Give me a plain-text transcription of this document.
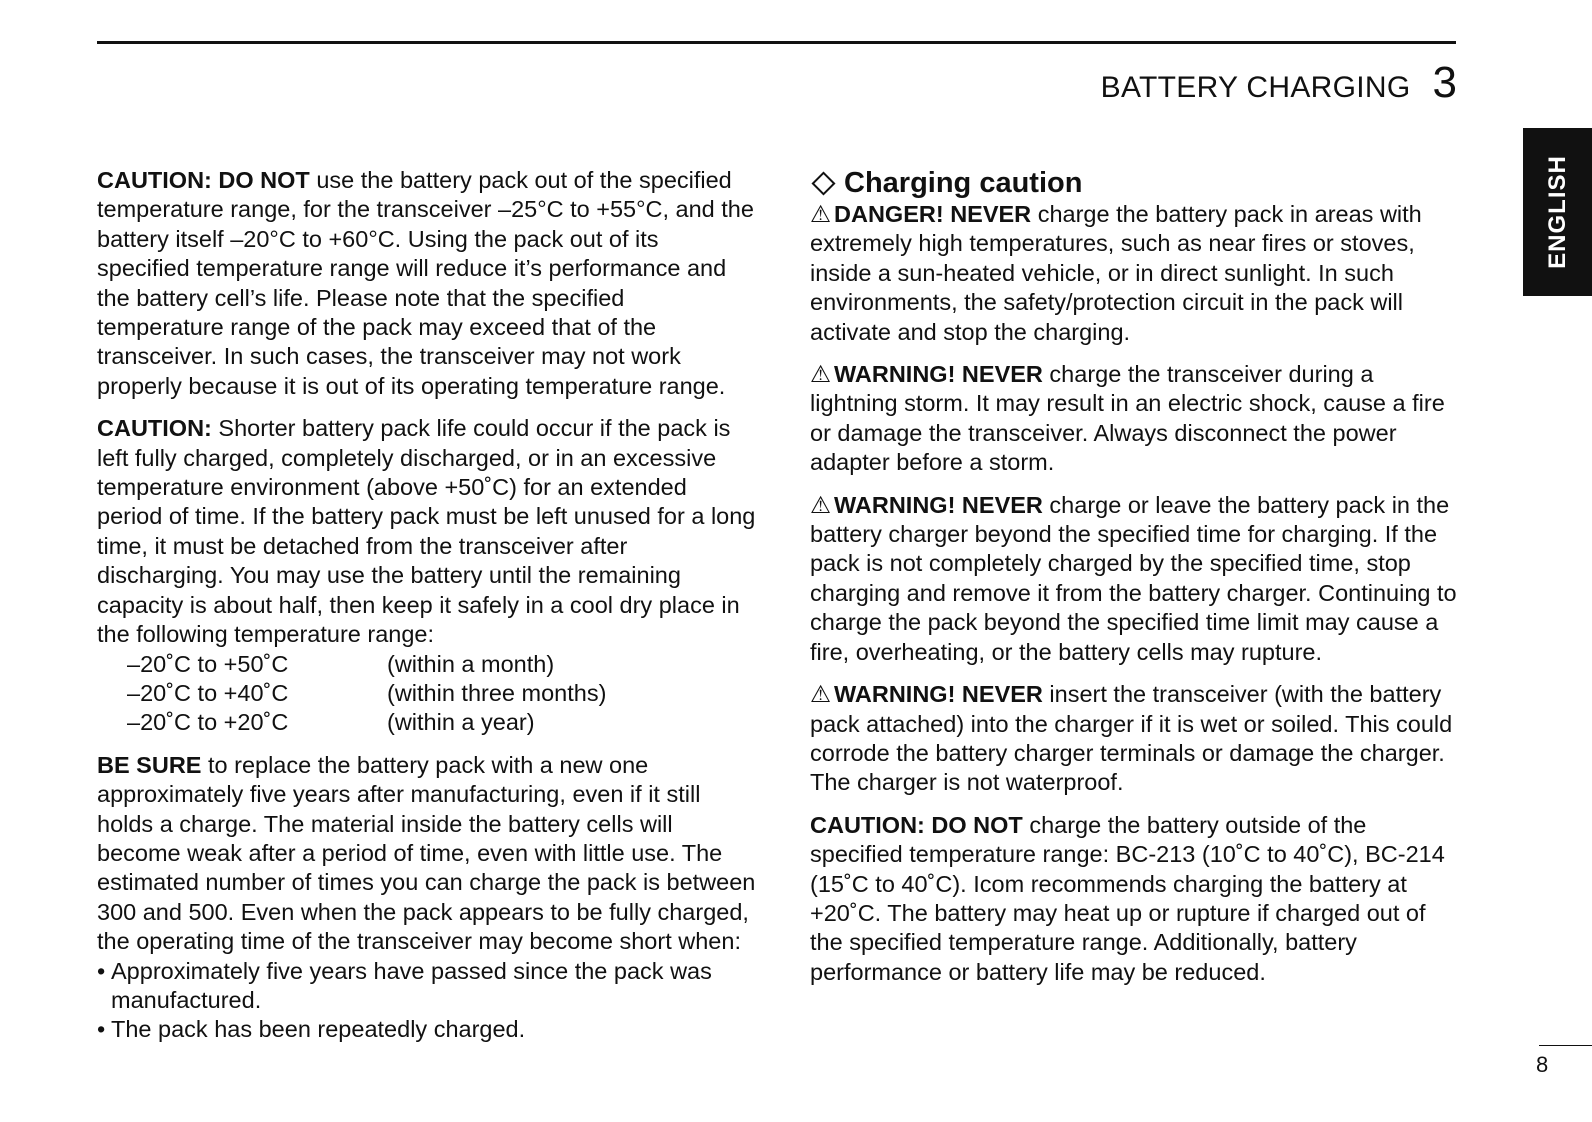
BATTERY CHARGING 3
ENGLISH

CAUTION: DO NOT use the battery pack out of the specified temperature range, for the transceiver –25°C to +55°C, and the battery itself –20°C to +60°C. Using the pack out of its specified temperature range will reduce it’s performance and the battery cell’s life. Please note that the specified temperature range of the pack may exceed that of the transceiver. In such cases, the transceiver may not work properly because it is out of its operating temperature range.

CAUTION: Shorter battery pack life could occur if the pack is left fully charged, completely discharged, or in an excessive temperature environment (above +50˚C) for an extended period of time. If the battery pack must be left unused for a long time, it must be detached from the transceiver after discharging. You may use the battery until the remaining capacity is about half, then keep it safely in a cool dry place in the following temperature range:

–20˚C to +50˚C	(within a month)
–20˚C to +40˚C	(within three months)
–20˚C to +20˚C	(within a year)

BE SURE to replace the battery pack with a new one approximately five years after manufacturing, even if it still holds a charge. The material inside the battery cells will become weak after a period of time, even with little use. The estimated number of times you can charge the pack is between 300 and 500. Even when the pack appears to be fully charged, the operating time of the transceiver may become short when:

• Approximately five years have passed since the pack was manufactured.
• The pack has been repeatedly charged.
Charging caution

⚠ DANGER! NEVER charge the battery pack in areas with extremely high temperatures, such as near fires or stoves, inside a sun-heated vehicle, or in direct sunlight. In such environments, the safety/protection circuit in the pack will activate and stop the charging.

⚠ WARNING! NEVER charge the transceiver during a lightning storm. It may result in an electric shock, cause a fire or damage the transceiver. Always disconnect the power adapter before a storm.

⚠ WARNING! NEVER charge or leave the battery pack in the battery charger beyond the specified time for charging. If the pack is not completely charged by the specified time, stop charging and remove it from the battery charger. Continuing to charge the pack beyond the specified time limit may cause a fire, overheating, or the battery cells may rupture.

⚠ WARNING! NEVER insert the transceiver (with the battery pack attached) into the charger if it is wet or soiled. This could corrode the battery charger terminals or damage the charger. The charger is not waterproof.

CAUTION: DO NOT charge the battery outside of the specified temperature range: BC-213 (10˚C to 40˚C), BC-214 (15˚C to 40˚C). Icom recommends charging the battery at +20˚C. The battery may heat up or rupture if charged out of the specified temperature range. Additionally, battery performance or battery life may be reduced.

8
